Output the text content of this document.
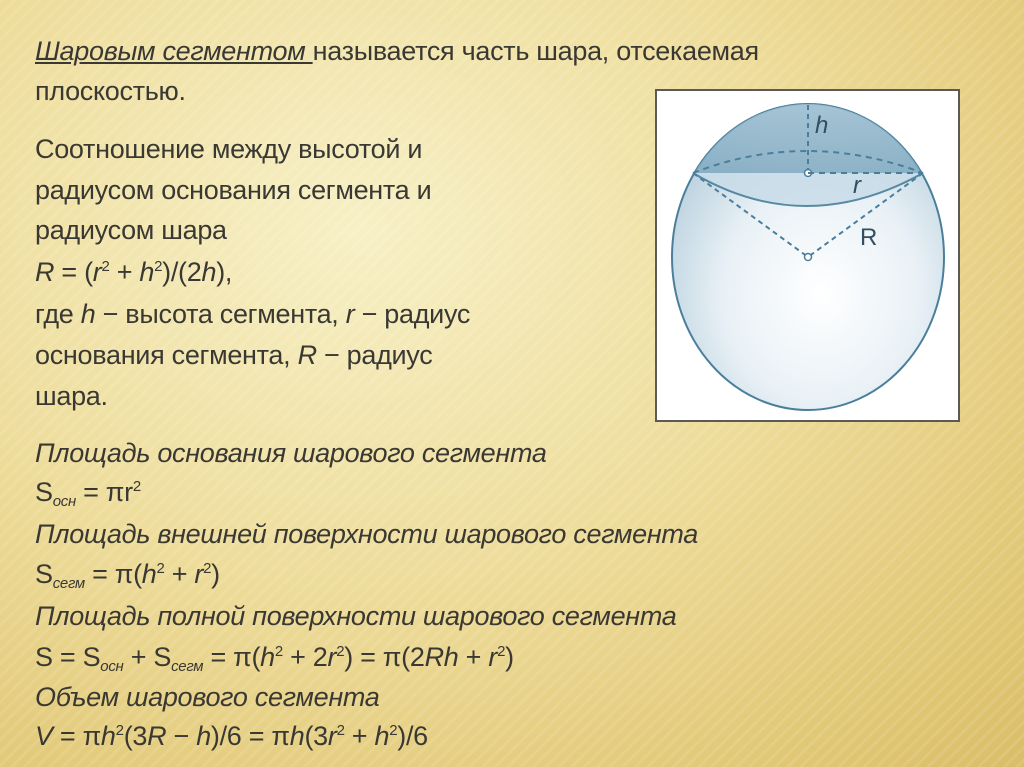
Шаровым сегментом называется часть шара, отсекаемая
плоскостью.
Соотношение между высотой и
радиусом основания сегмента и
радиусом шара
$R = (r^2 + h^2)/(2h)$,
где h − высота сегмента, r − радиус
основания сегмента, R − радиус
шара.
Площадь основания шарового сегмента
$S_{осн} = \pi r^2$
Площадь внешней поверхности шарового сегмента
$S_{сегм} = \pi(h^2 + r^2)$
Площадь полной поверхности шарового сегмента
$S = S_{осн} + S_{сегм} = \pi(h^2 + 2r^2) = \pi(2Rh + r^2)$
Объем шарового сегмента
$V = \pi h^2(3R - h)/6 = \pi h(3r^2 + h^2)/6$
h
r
R
